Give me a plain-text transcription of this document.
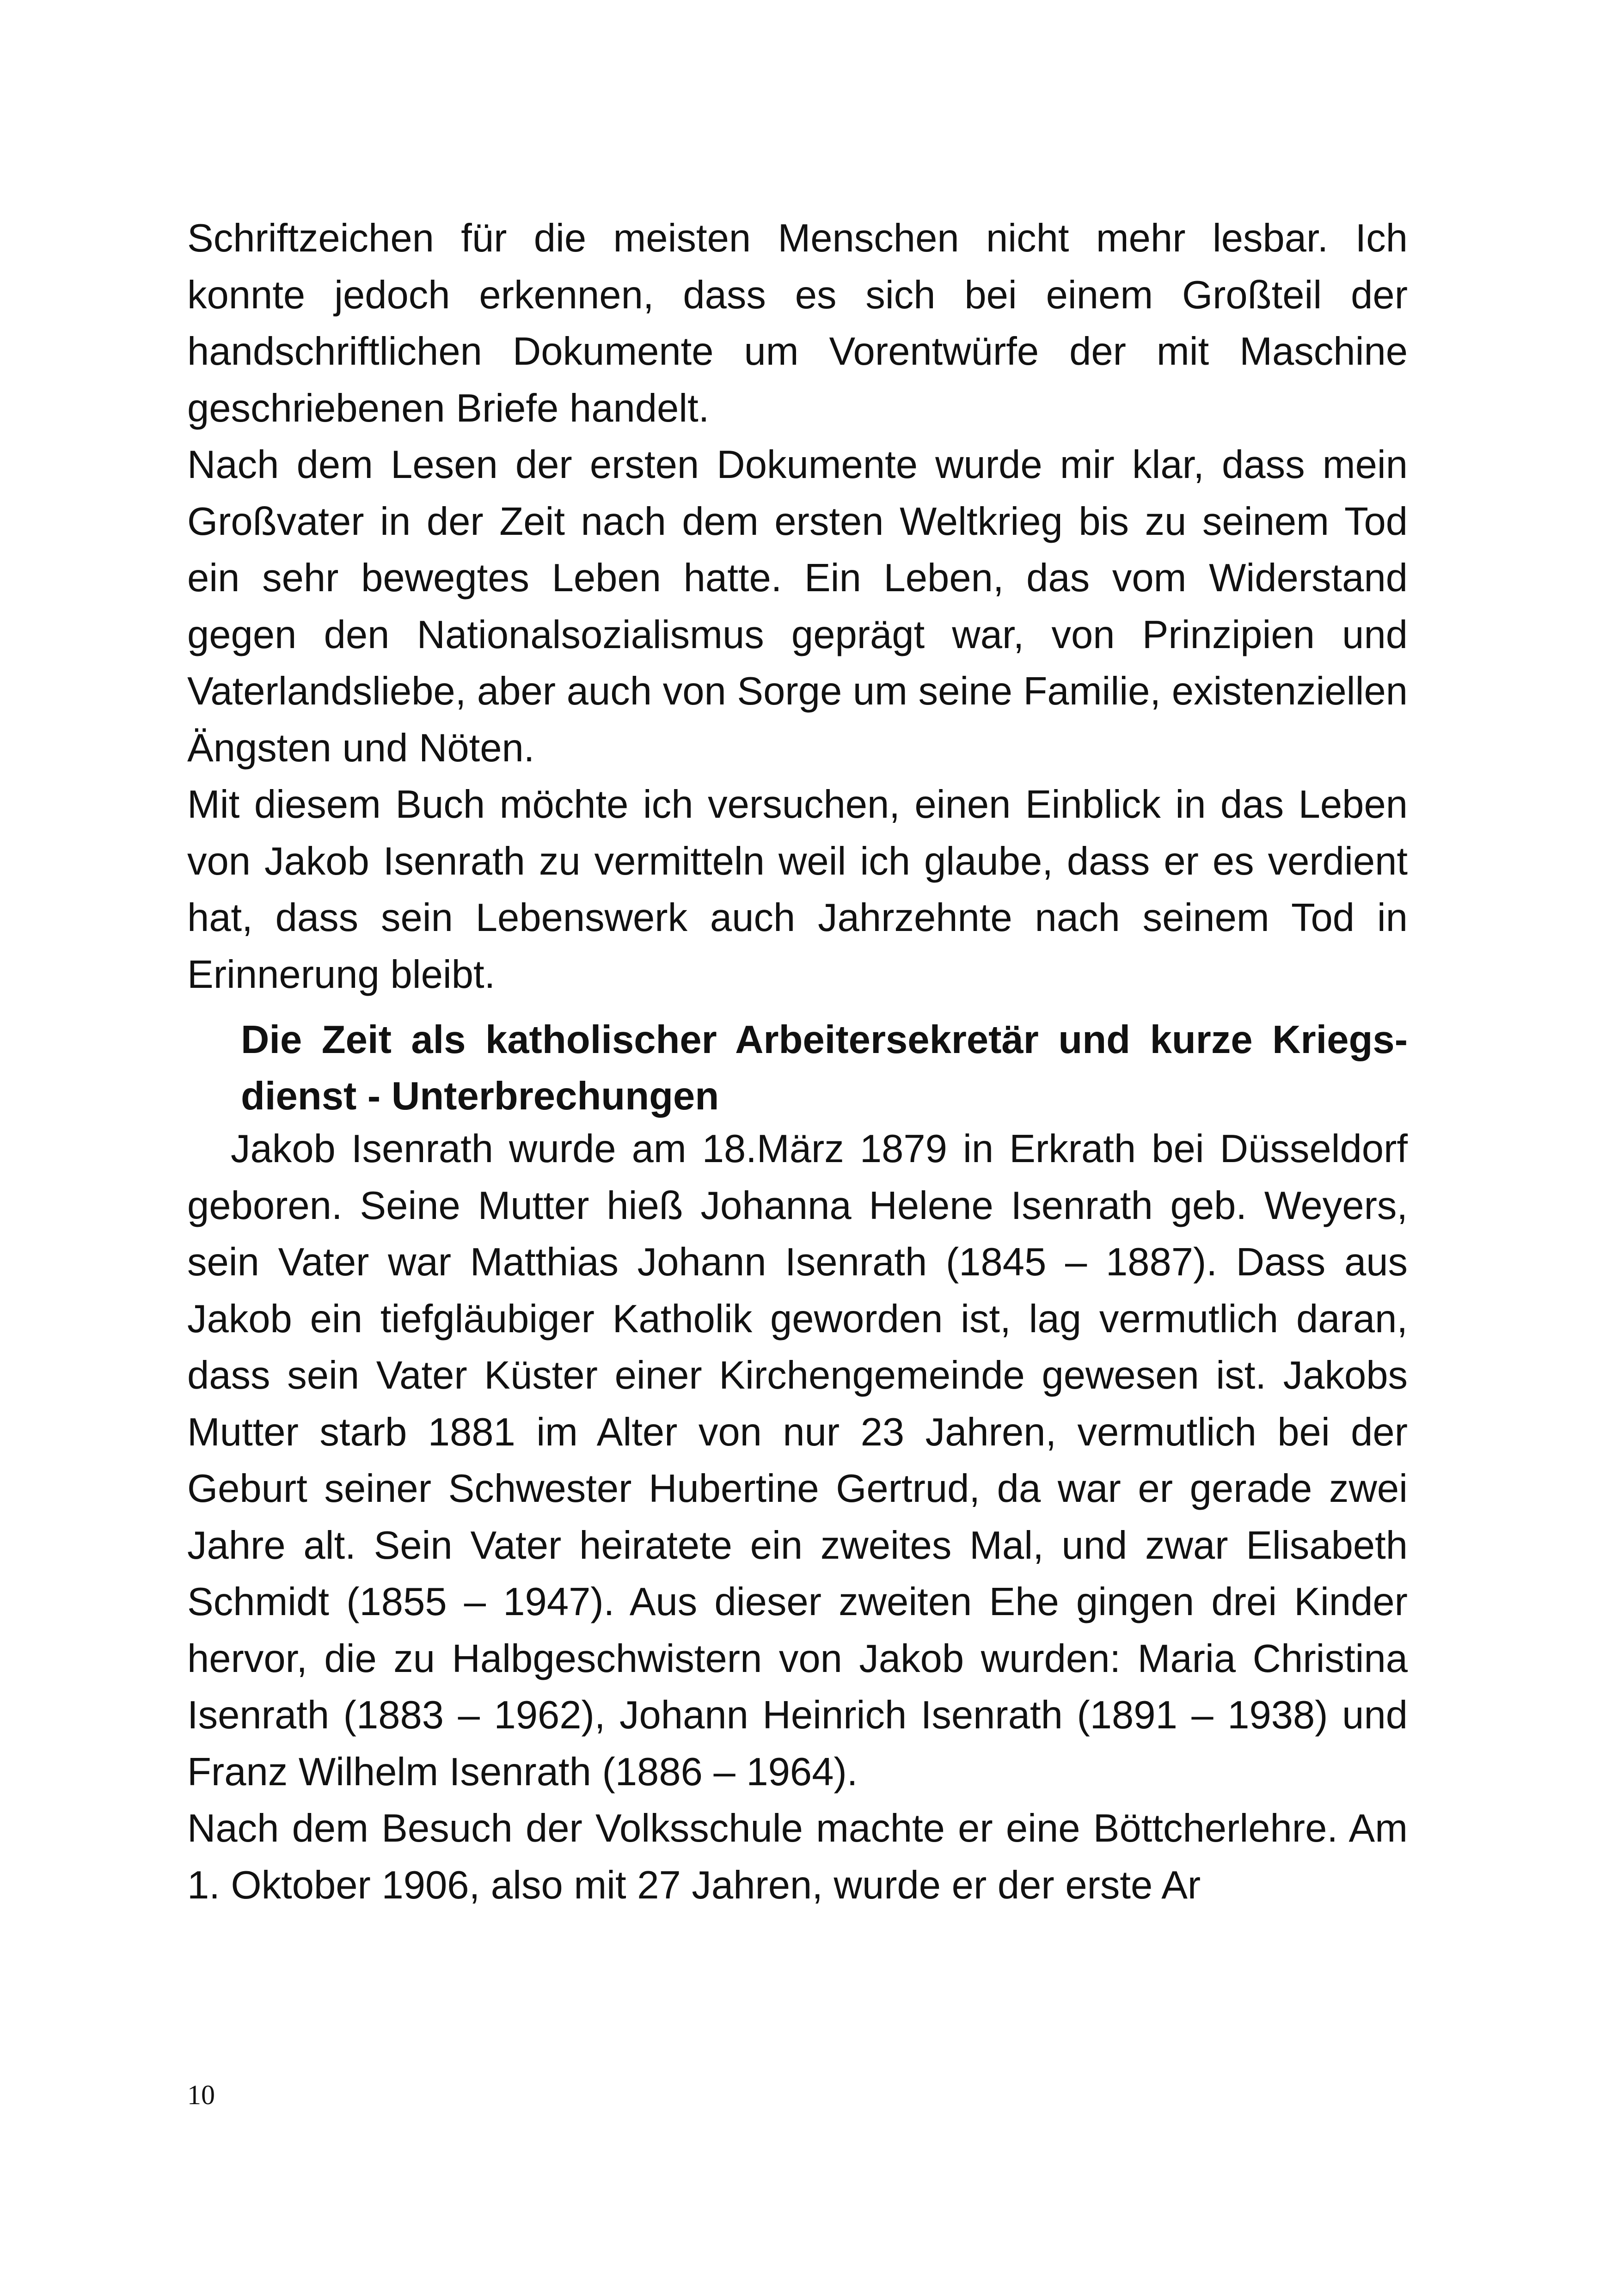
Schriftzeichen für die meisten Menschen nicht mehr lesbar. Ich konnte jedoch erkennen, dass es sich bei einem Großteil der handschriftlichen Dokumente um Vorentwürfe der mit Maschine geschriebenen Briefe handelt.

Nach dem Lesen der ersten Dokumente wurde mir klar, dass mein Großvater in der Zeit nach dem ersten Weltkrieg bis zu seinem Tod ein sehr bewegtes Leben hatte. Ein Leben, das vom Widerstand gegen den Nationalsozialismus geprägt war, von Prinzipien und Vaterlandsliebe, aber auch von Sorge um seine Familie, existenziellen Ängsten und Nöten.

Mit diesem Buch möchte ich versuchen, einen Einblick in das Leben von Jakob Isenrath zu vermitteln weil ich glaube, dass er es verdient hat, dass sein Lebenswerk auch Jahrzehnte nach seinem Tod in Erinnerung bleibt.

Die Zeit als katholischer Arbeitersekretär und kurze Kriegsdienst - Unterbrechungen

Jakob Isenrath wurde am 18.März 1879 in Erkrath bei Düsseldorf geboren. Seine Mutter hieß Johanna Helene Isenrath geb. Weyers, sein Vater war Matthias Johann Isenrath (1845 – 1887). Dass aus Jakob ein tiefgläubiger Katholik geworden ist, lag vermutlich daran, dass sein Vater Küster einer Kirchengemeinde gewesen ist. Jakobs Mutter starb 1881 im Alter von nur 23 Jahren, vermutlich bei der Geburt seiner Schwester Hubertine Gertrud, da war er gerade zwei Jahre alt. Sein Vater heiratete ein zweites Mal, und zwar Elisabeth Schmidt (1855 – 1947). Aus dieser zweiten Ehe gingen drei Kinder hervor, die zu Halbgeschwistern von Jakob wurden: Maria Christina Isenrath (1883 – 1962), Johann Heinrich Isenrath (1891 – 1938) und Franz Wilhelm Isenrath (1886 – 1964).

Nach dem Besuch der Volksschule machte er eine Böttcherlehre. Am 1. Oktober 1906, also mit 27 Jahren, wurde er der erste Ar

10
